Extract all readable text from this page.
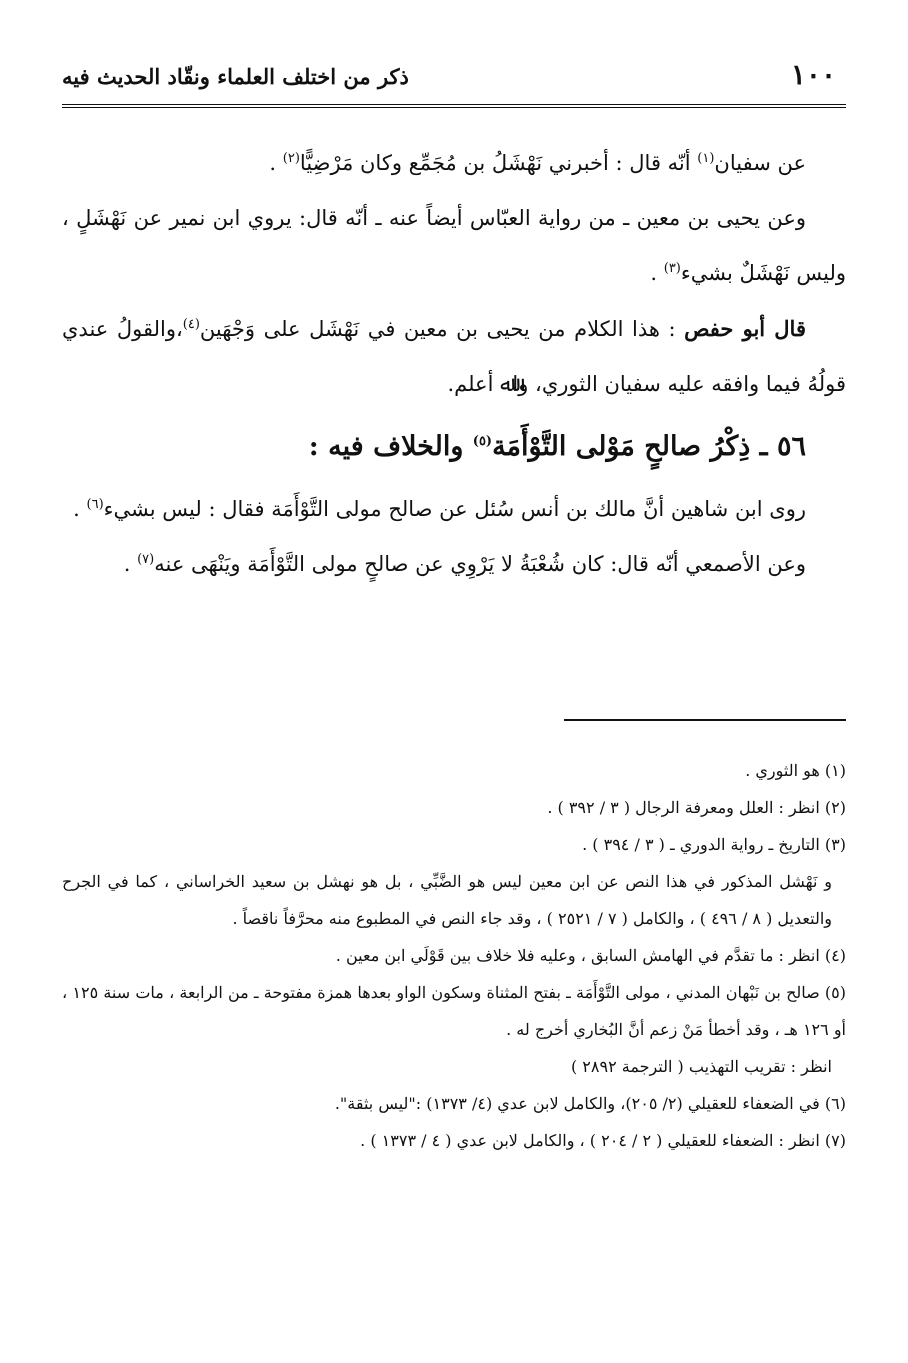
١٠٠
ذكر من اختلف العلماء ونقّاد الحديث فيه

عن سفيان$^{(١)}$ أنّه قال : أخبرني نَهْشَلُ بن مُجَمِّع وكان مَرْضِيًّا$^{(٢)}$ .

وعن يحيى بن معين ـ من رواية العبّاس أيضاً عنه ـ أنّه قال: يروي ابن نمير عن نَهْشَلٍ ، وليس نَهْشَلٌ بشيء$^{(٣)}$ .

قال أبو حفص : هذا الكلام من يحيى بن معين في نَهْشَل على وَجْهَين$^{(٤)}$،والقولُ عندي قولُهُ فيما وافقه عليه سفيان الثوري، واﷲ أعلم.

٥٦ ـ ذِكْرُ صالحٍ مَوْلى التَّوْأَمَة$^{(٥)}$ والخلاف فيه :

روى ابن شاهين أنَّ مالك بن أنس سُئل عن صالح مولى التَّوْأَمَة فقال : ليس بشيء$^{(٦)}$ .

وعن الأصمعي أنّه قال: كان شُعْبَةُ لا يَرْوِي عن صالحٍ مولى التَّوْأَمَة ويَنْهَى عنه$^{(٧)}$ .

(١) هو الثوري .

(٢) انظر : العلل ومعرفة الرجال ( ٣ / ٣٩٢ ) .

(٣) التاريخ ـ رواية الدوري ـ ( ٣ / ٣٩٤ ) .

و نَهْشل المذكور في هذا النص عن ابن معين ليس هو الضَّبِّي ، بل هو نهشل بن سعيد الخراساني ، كما في الجرح والتعديل ( ٨ / ٤٩٦ ) ، والكامل ( ٧ / ٢٥٢١ ) ، وقد جاء النص في المطبوع منه محرَّفاً ناقصاً .

(٤) انظر : ما تقدَّم في الهامش السابق ، وعليه فلا خلاف بين قَوْلَي ابن معين .

(٥) صالح بن نَبْهان المدني ، مولى التَّوْأَمَة ـ بفتح المثناة وسكون الواو بعدها همزة مفتوحة ـ من الرابعة ، مات سنة ١٢٥ ، أو ١٢٦ هـ ، وقد أخطأ مَنْ زعم أنَّ البُخاري أخرج له .

انظر : تقريب التهذيب ( الترجمة ٢٨٩٢ )

(٦) في الضعفاء للعقيلي (٢/ ٢٠٥)، والكامل لابن عدي (٤/ ١٣٧٣) :"ليس بثقة".

(٧) انظر : الضعفاء للعقيلي ( ٢ / ٢٠٤ ) ، والكامل لابن عدي ( ٤ / ١٣٧٣ ) .
